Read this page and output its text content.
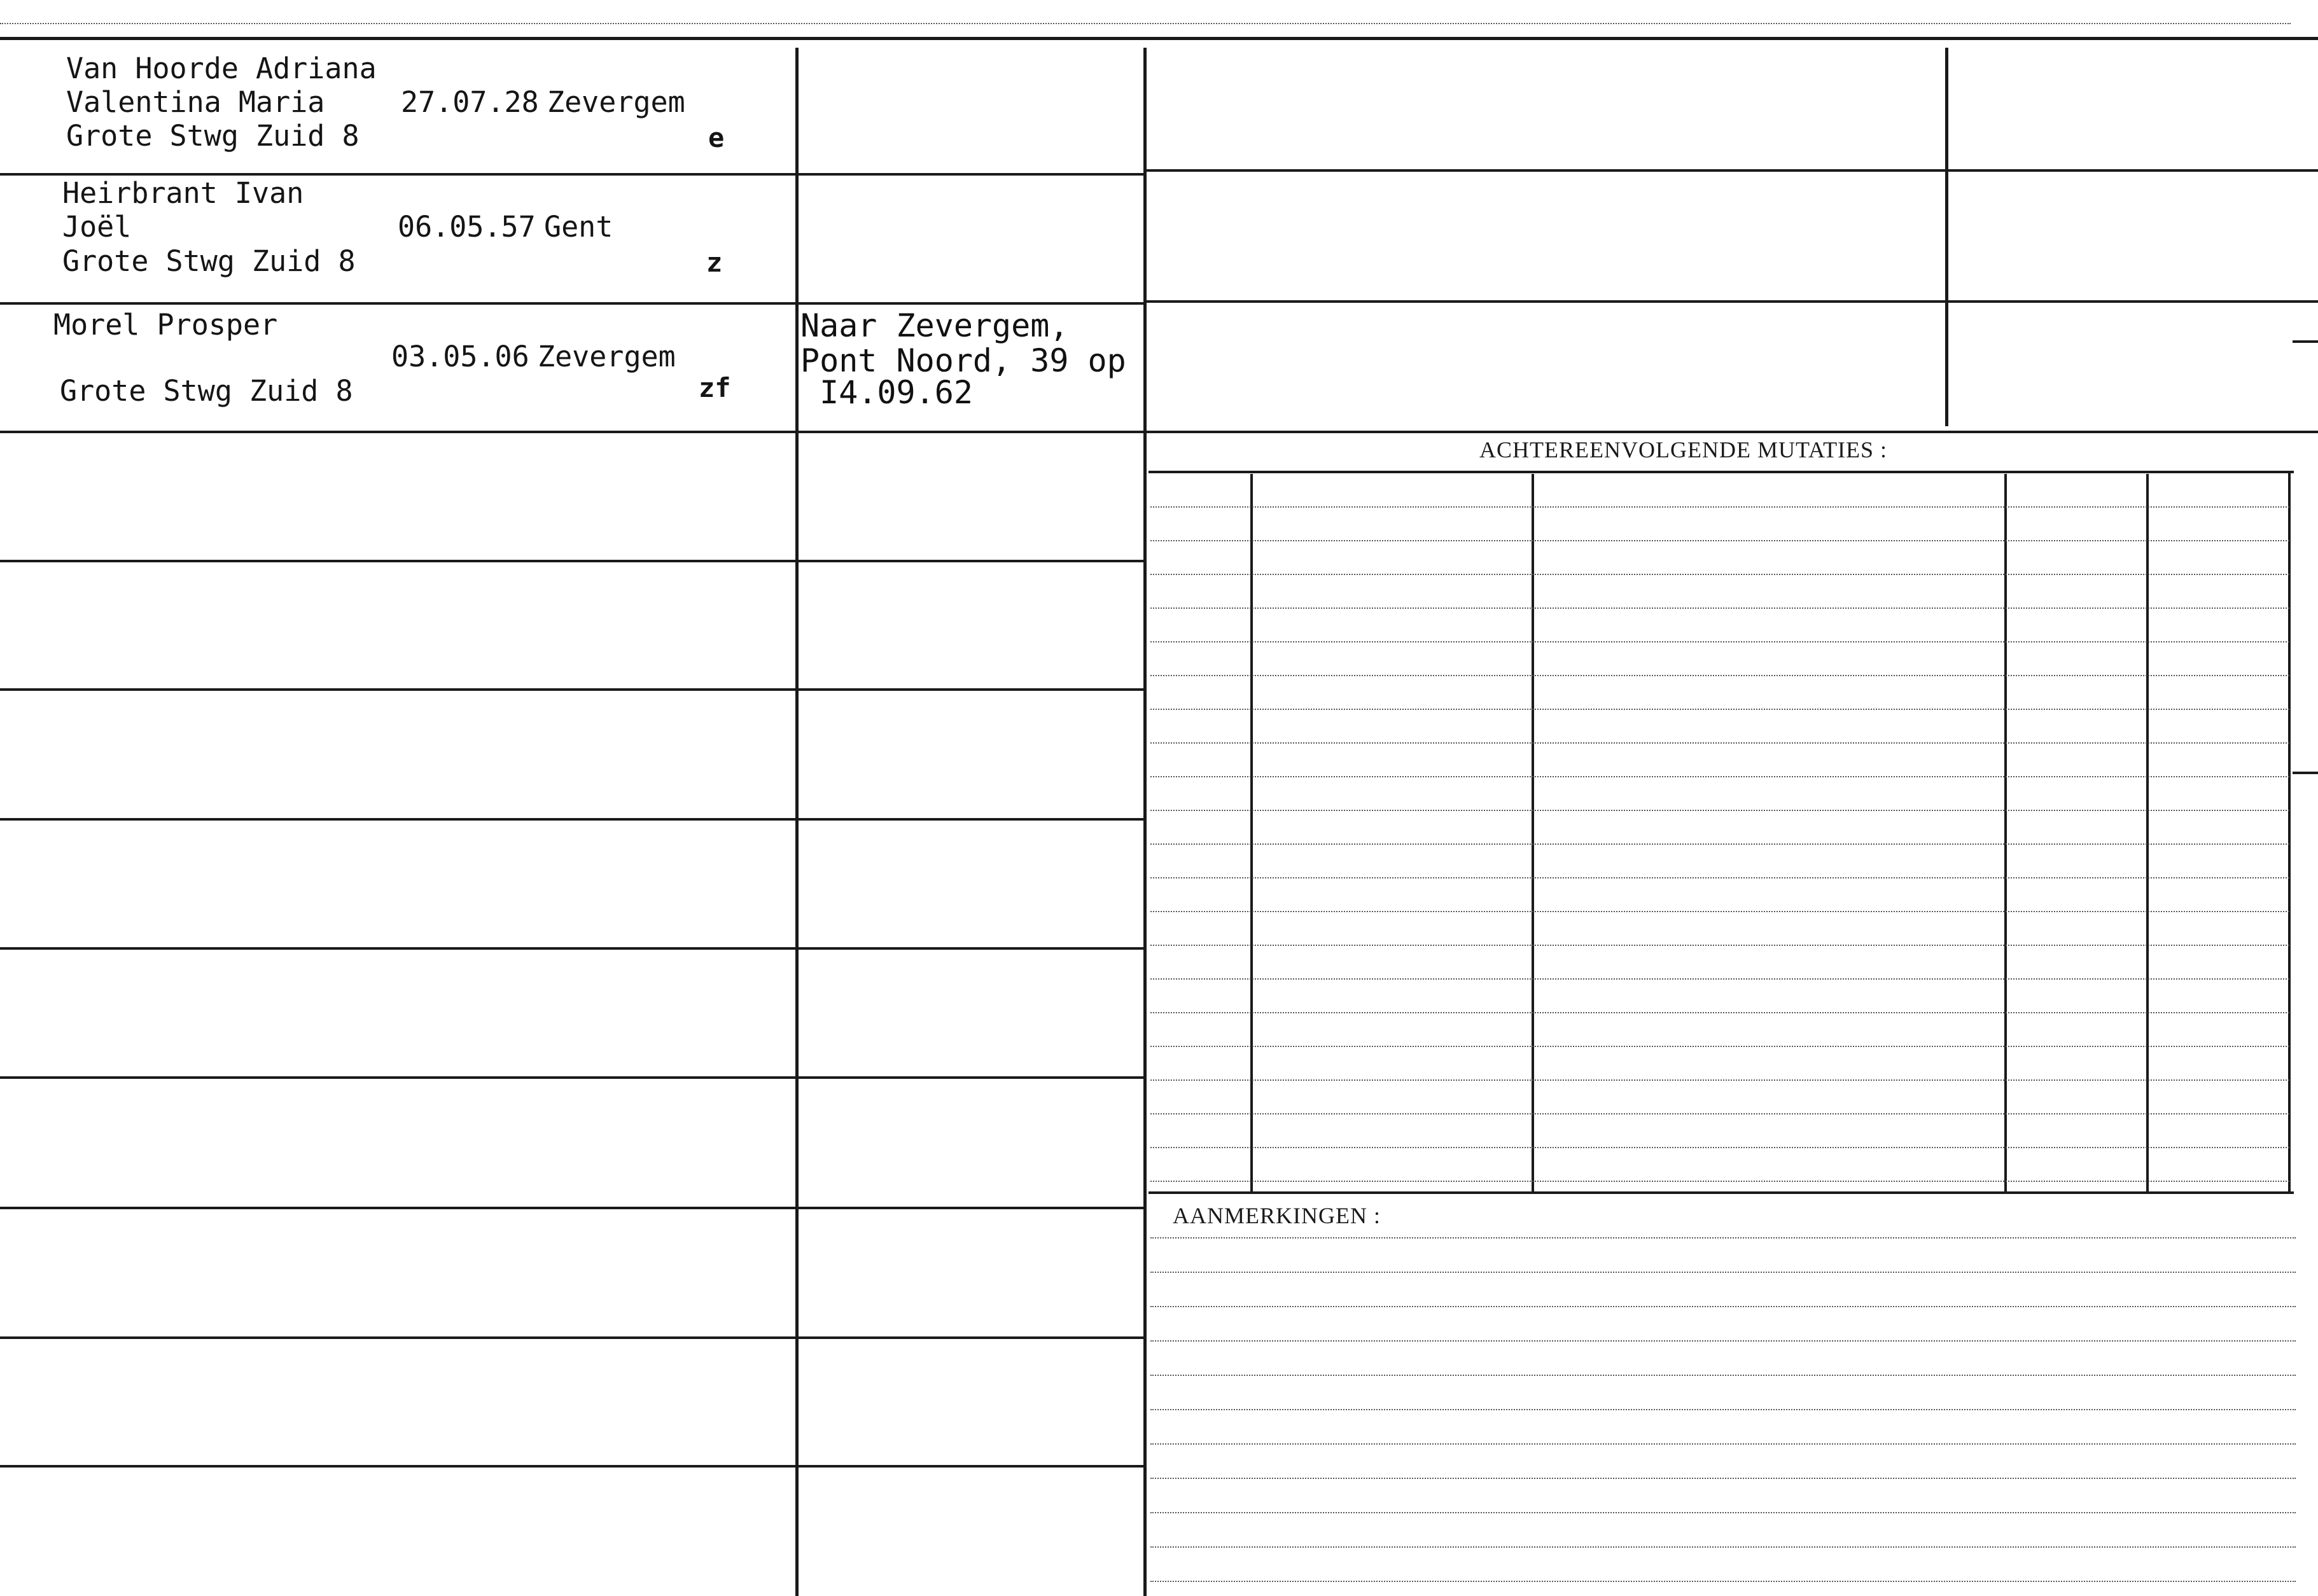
Van Hoorde Adriana
Valentina Maria
Grote Stwg Zuid 8
27.07.28 Zevergem
e
Heirbrant Ivan
Joël
Grote Stwg Zuid 8
06.05.57 Gent
z
Morel Prosper
Grote Stwg Zuid 8
03.05.06 Zevergem
zf
Naar Zevergem,
Pont Noord, 39 op
I4.09.62
ACHTEREENVOLGENDE MUTATIES :
AANMERKINGEN :
